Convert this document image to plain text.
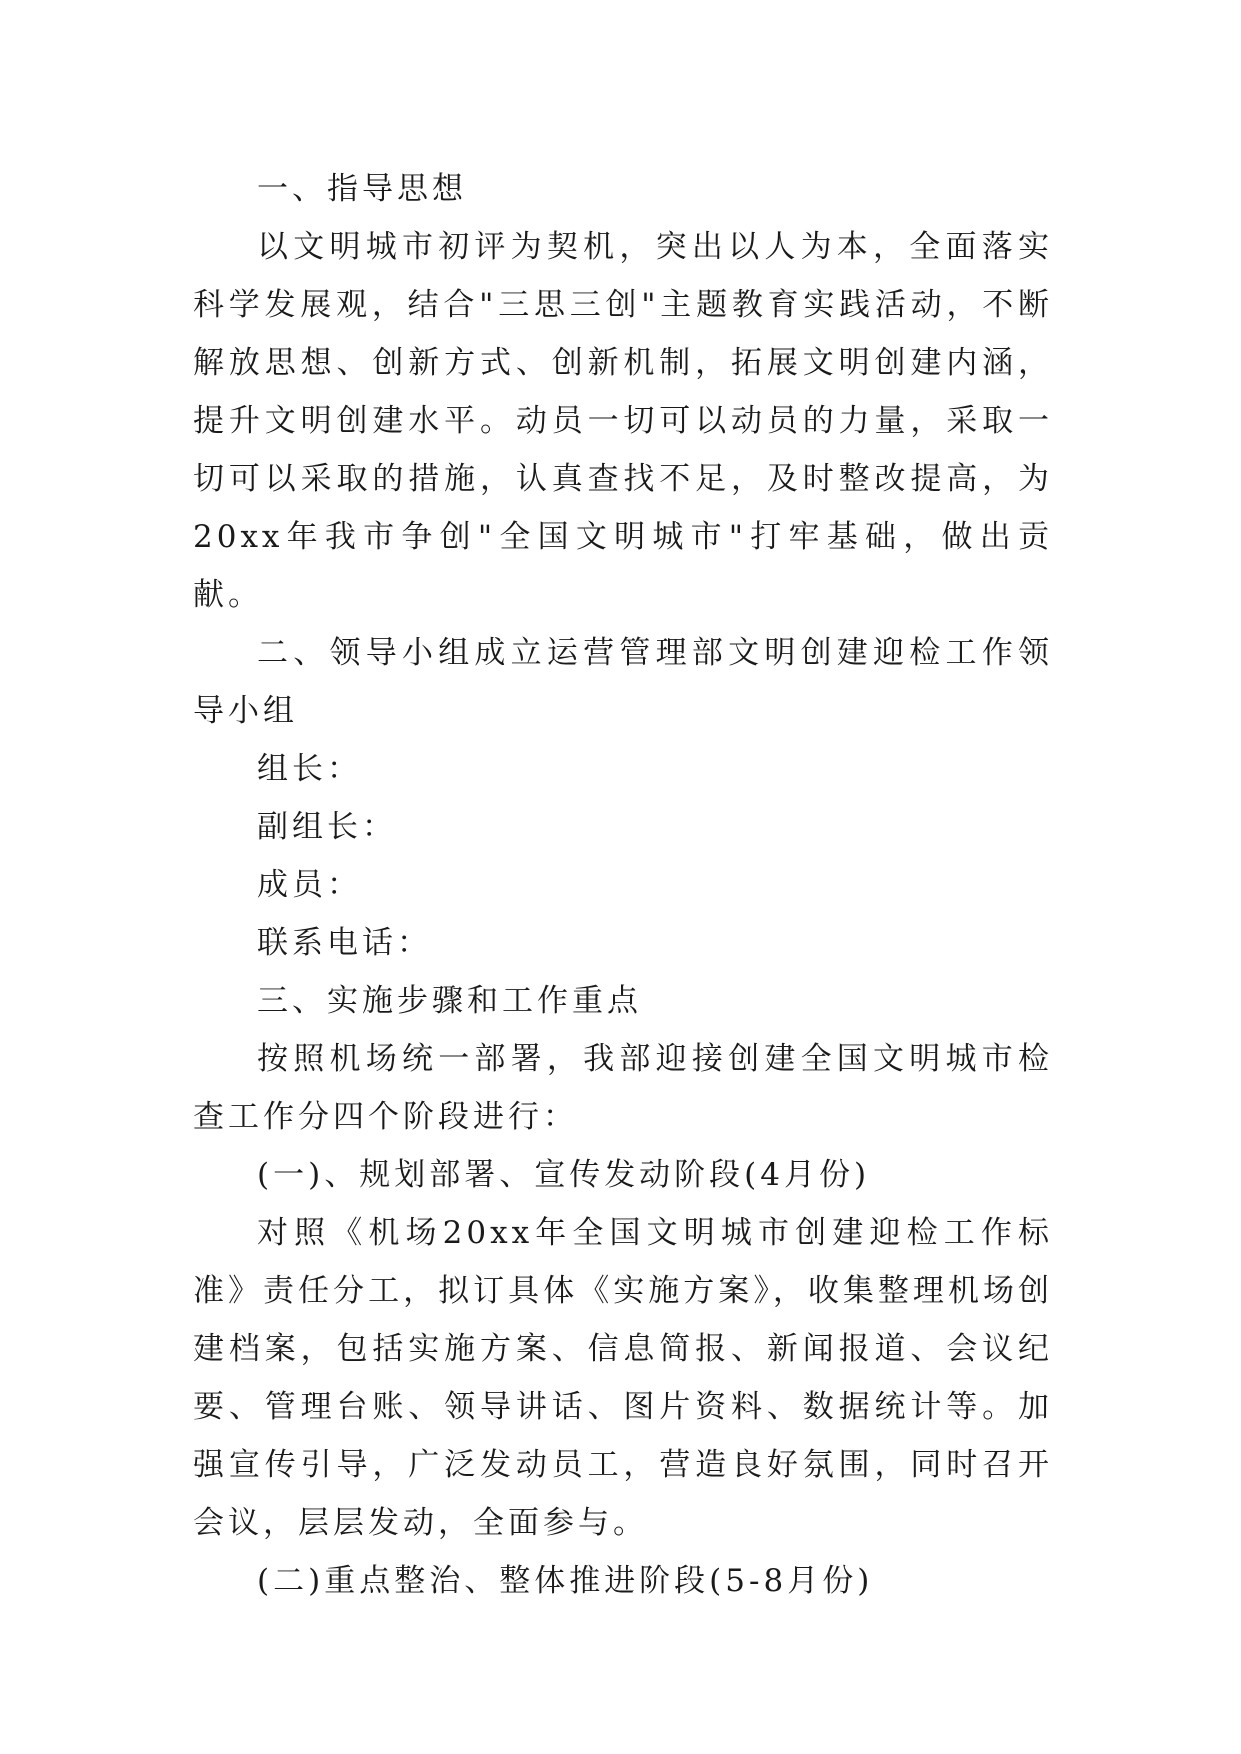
一、指导思想

以文明城市初评为契机，突出以人为本，全面落实科学发展观，结合"三思三创"主题教育实践活动，不断解放思想、创新方式、创新机制，拓展文明创建内涵，提升文明创建水平。动员一切可以动员的力量，采取一切可以采取的措施，认真查找不足，及时整改提高，为20xx年我市争创"全国文明城市"打牢基础，做出贡献。

二、领导小组成立运营管理部文明创建迎检工作领导小组

组长：

副组长：

成员：

联系电话：

三、实施步骤和工作重点

按照机场统一部署，我部迎接创建全国文明城市检查工作分四个阶段进行：

(一)、规划部署、宣传发动阶段(4月份)

对照《机场20xx年全国文明城市创建迎检工作标准》责任分工，拟订具体《实施方案》，收集整理机场创建档案，包括实施方案、信息简报、新闻报道、会议纪要、管理台账、领导讲话、图片资料、数据统计等。加强宣传引导，广泛发动员工，营造良好氛围，同时召开会议，层层发动，全面参与。

(二)重点整治、整体推进阶段(5-8月份)
